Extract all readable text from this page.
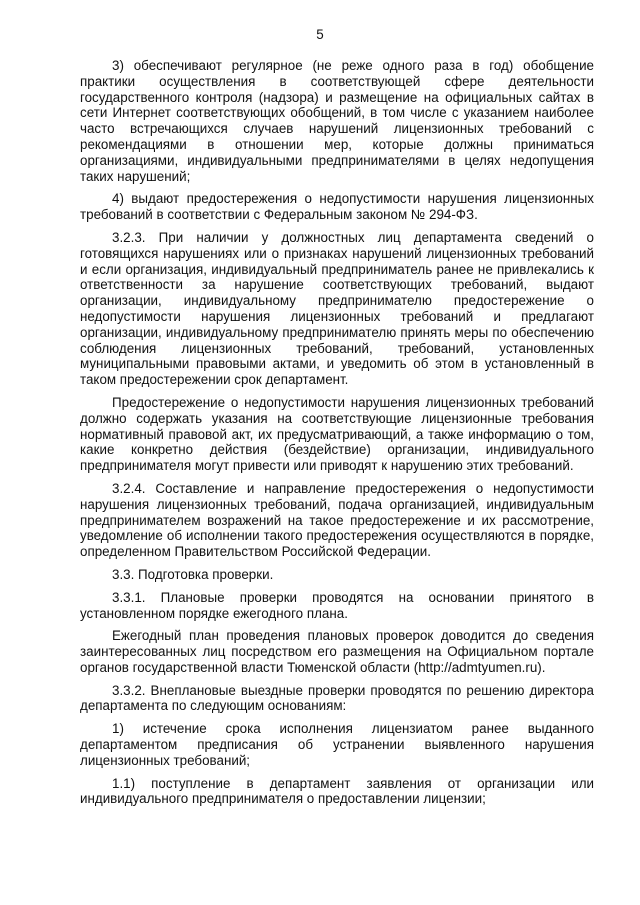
5

3) обеспечивают регулярное (не реже одного раза в год) обобщение практики осуществления в соответствующей сфере деятельности государственного контроля (надзора) и размещение на официальных сайтах в сети Интернет соответствующих обобщений, в том числе с указанием наиболее часто встречающихся случаев нарушений лицензионных требований с рекомендациями в отношении мер, которые должны приниматься организациями, индивидуальными предпринимателями в целях недопущения таких нарушений;

4) выдают предостережения о недопустимости нарушения лицензионных требований в соответствии с Федеральным законом № 294-ФЗ.

3.2.3. При наличии у должностных лиц департамента сведений о готовящихся нарушениях или о признаках нарушений лицензионных требований и если организация, индивидуальный предприниматель ранее не привлекались к ответственности за нарушение соответствующих требований, выдают организации, индивидуальному предпринимателю предостережение о недопустимости нарушения лицензионных требований и предлагают организации, индивидуальному предпринимателю принять меры по обеспечению соблюдения лицензионных требований, требований, установленных муниципальными правовыми актами, и уведомить об этом в установленный в таком предостережении срок департамент.

Предостережение о недопустимости нарушения лицензионных требований должно содержать указания на соответствующие лицензионные требования нормативный правовой акт, их предусматривающий, а также информацию о том, какие конкретно действия (бездействие) организации, индивидуального предпринимателя могут привести или приводят к нарушению этих требований.

3.2.4. Составление и направление предостережения о недопустимости нарушения лицензионных требований, подача организацией, индивидуальным предпринимателем возражений на такое предостережение и их рассмотрение, уведомление об исполнении такого предостережения осуществляются в порядке, определенном Правительством Российской Федерации.

3.3. Подготовка проверки.

3.3.1. Плановые проверки проводятся на основании принятого в установленном порядке ежегодного плана.

Ежегодный план проведения плановых проверок доводится до сведения заинтересованных лиц посредством его размещения на Официальном портале органов государственной власти Тюменской области (http://admtyumen.ru).

3.3.2. Внеплановые выездные проверки проводятся по решению директора департамента по следующим основаниям:

1) истечение срока исполнения лицензиатом ранее выданного департаментом предписания об устранении выявленного нарушения лицензионных требований;

1.1) поступление в департамент заявления от организации или индивидуального предпринимателя о предоставлении лицензии;
